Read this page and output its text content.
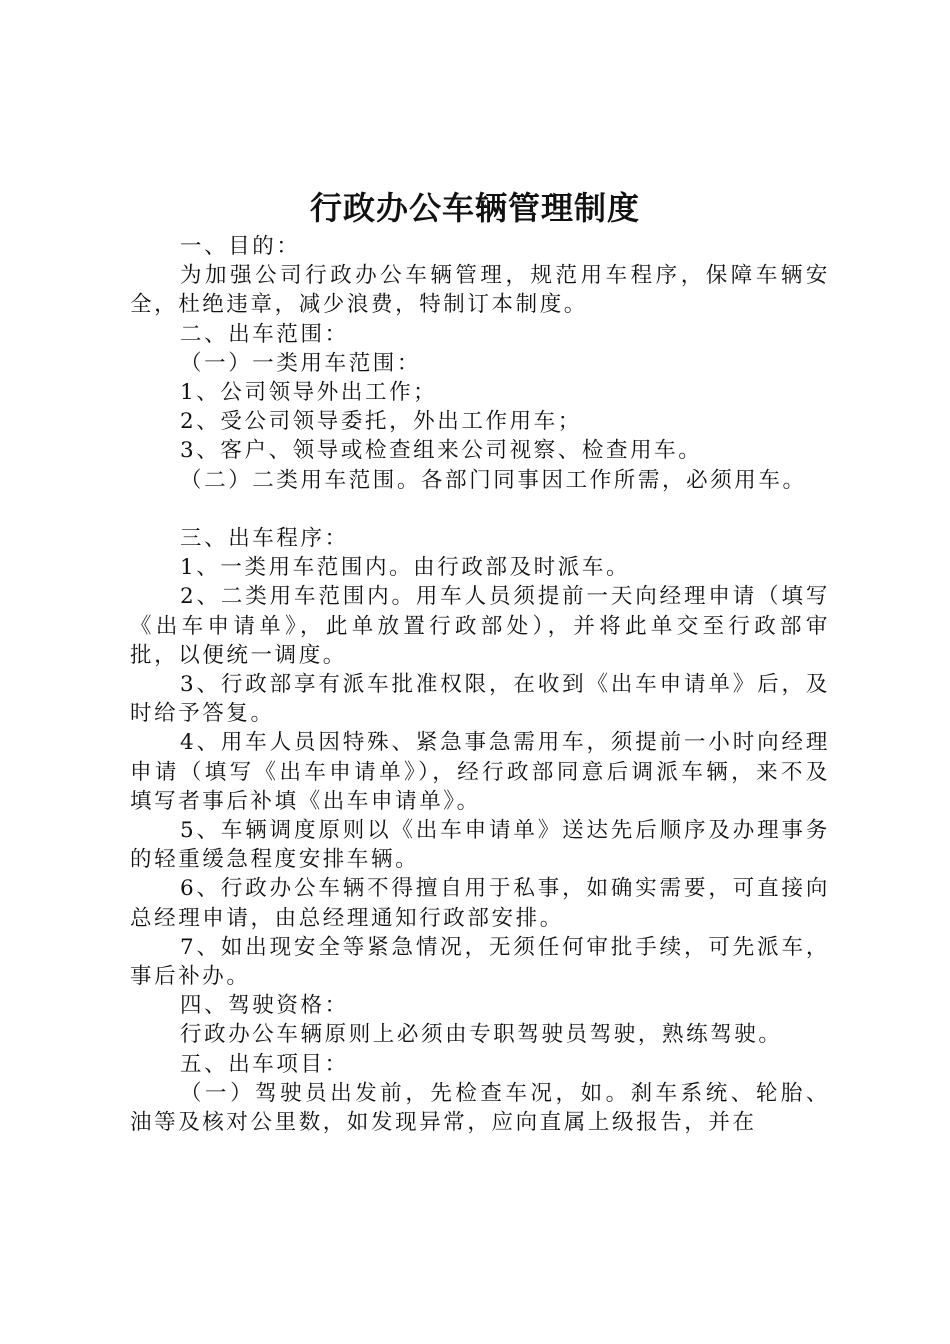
行政办公车辆管理制度

一、目的：

为加强公司行政办公车辆管理，规范用车程序，保障车辆安全，杜绝违章，减少浪费，特制订本制度。

二、出车范围：

（一）一类用车范围：

1、公司领导外出工作；

2、受公司领导委托，外出工作用车；

3、客户、领导或检查组来公司视察、检查用车。

（二）二类用车范围。各部门同事因工作所需，必须用车。

三、出车程序：

1、一类用车范围内。由行政部及时派车。

2、二类用车范围内。用车人员须提前一天向经理申请（填写《出车申请单》，此单放置行政部处），并将此单交至行政部审批，以便统一调度。

3、行政部享有派车批准权限，在收到《出车申请单》后，及时给予答复。

4、用车人员因特殊、紧急事急需用车，须提前一小时向经理申请（填写《出车申请单》），经行政部同意后调派车辆，来不及填写者事后补填《出车申请单》。

5、车辆调度原则以《出车申请单》送达先后顺序及办理事务的轻重缓急程度安排车辆。

6、行政办公车辆不得擅自用于私事，如确实需要，可直接向总经理申请，由总经理通知行政部安排。

7、如出现安全等紧急情况，无须任何审批手续，可先派车，事后补办。

四、驾驶资格：

行政办公车辆原则上必须由专职驾驶员驾驶，熟练驾驶。

五、出车项目：

（一）驾驶员出发前，先检查车况，如。刹车系统、轮胎、油等及核对公里数，如发现异常，应向直属上级报告，并在
